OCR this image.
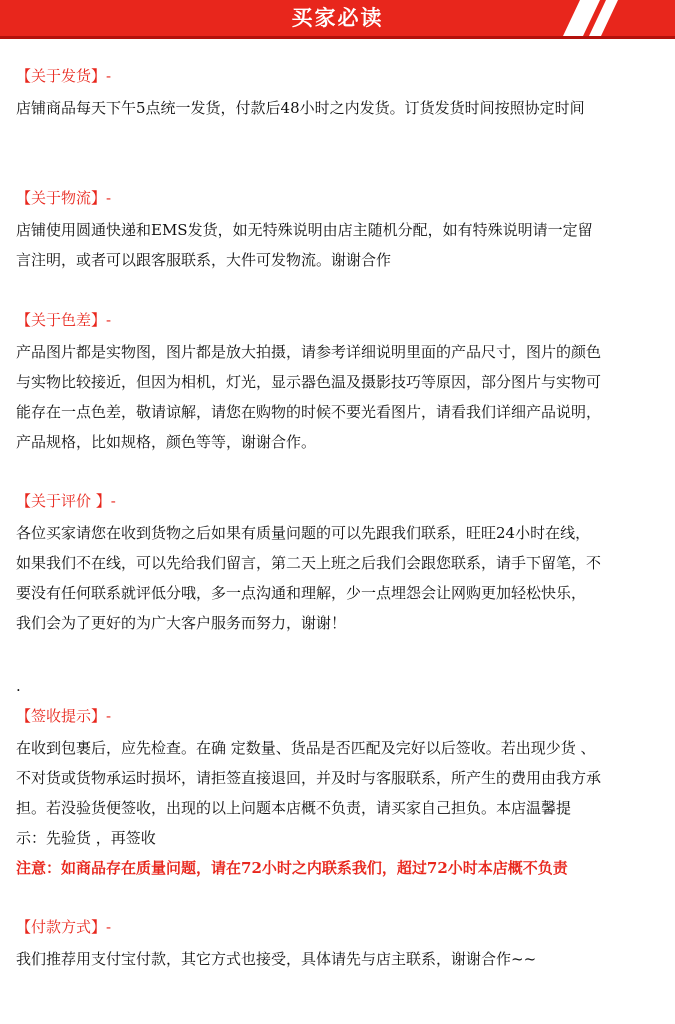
买家必读
【关于发货】-
店铺商品每天下午5点统一发货，付款后48小时之内发货。订货发货时间按照协定时间
【关于物流】-
店铺使用圆通快递和EMS发货，如无特殊说明由店主随机分配，如有特殊说明请一定留
言注明，或者可以跟客服联系，大件可发物流。谢谢合作
【关于色差】-
产品图片都是实物图，图片都是放大拍摄，请参考详细说明里面的产品尺寸，图片的颜色
与实物比较接近，但因为相机，灯光，显示器色温及摄影技巧等原因，部分图片与实物可
能存在一点色差，敬请谅解，请您在购物的时候不要光看图片，请看我们详细产品说明，
产品规格，比如规格，颜色等等，谢谢合作。
【关于评价 】-
各位买家请您在收到货物之后如果有质量问题的可以先跟我们联系，旺旺24小时在线，
如果我们不在线，可以先给我们留言，第二天上班之后我们会跟您联系，请手下留笔，不
要没有任何联系就评低分哦，多一点沟通和理解，少一点埋怨会让网购更加轻松快乐，
我们会为了更好的为广大客户服务而努力，谢谢！
.
【签收提示】-
在收到包裹后，应先检查。在确 定数量、货品是否匹配及完好以后签收。若出现少货 、
不对货或货物承运时损坏，请拒签直接退回，并及时与客服联系，所产生的费用由我方承
担。若没验货便签收，出现的以上问题本店概不负责，请买家自己担负。本店温馨提
示：先验货 ，再签收
注意：如商品存在质量问题，请在72小时之内联系我们，超过72小时本店概不负责
【付款方式】-
我们推荐用支付宝付款，其它方式也接受，具体请先与店主联系，谢谢合作~~
